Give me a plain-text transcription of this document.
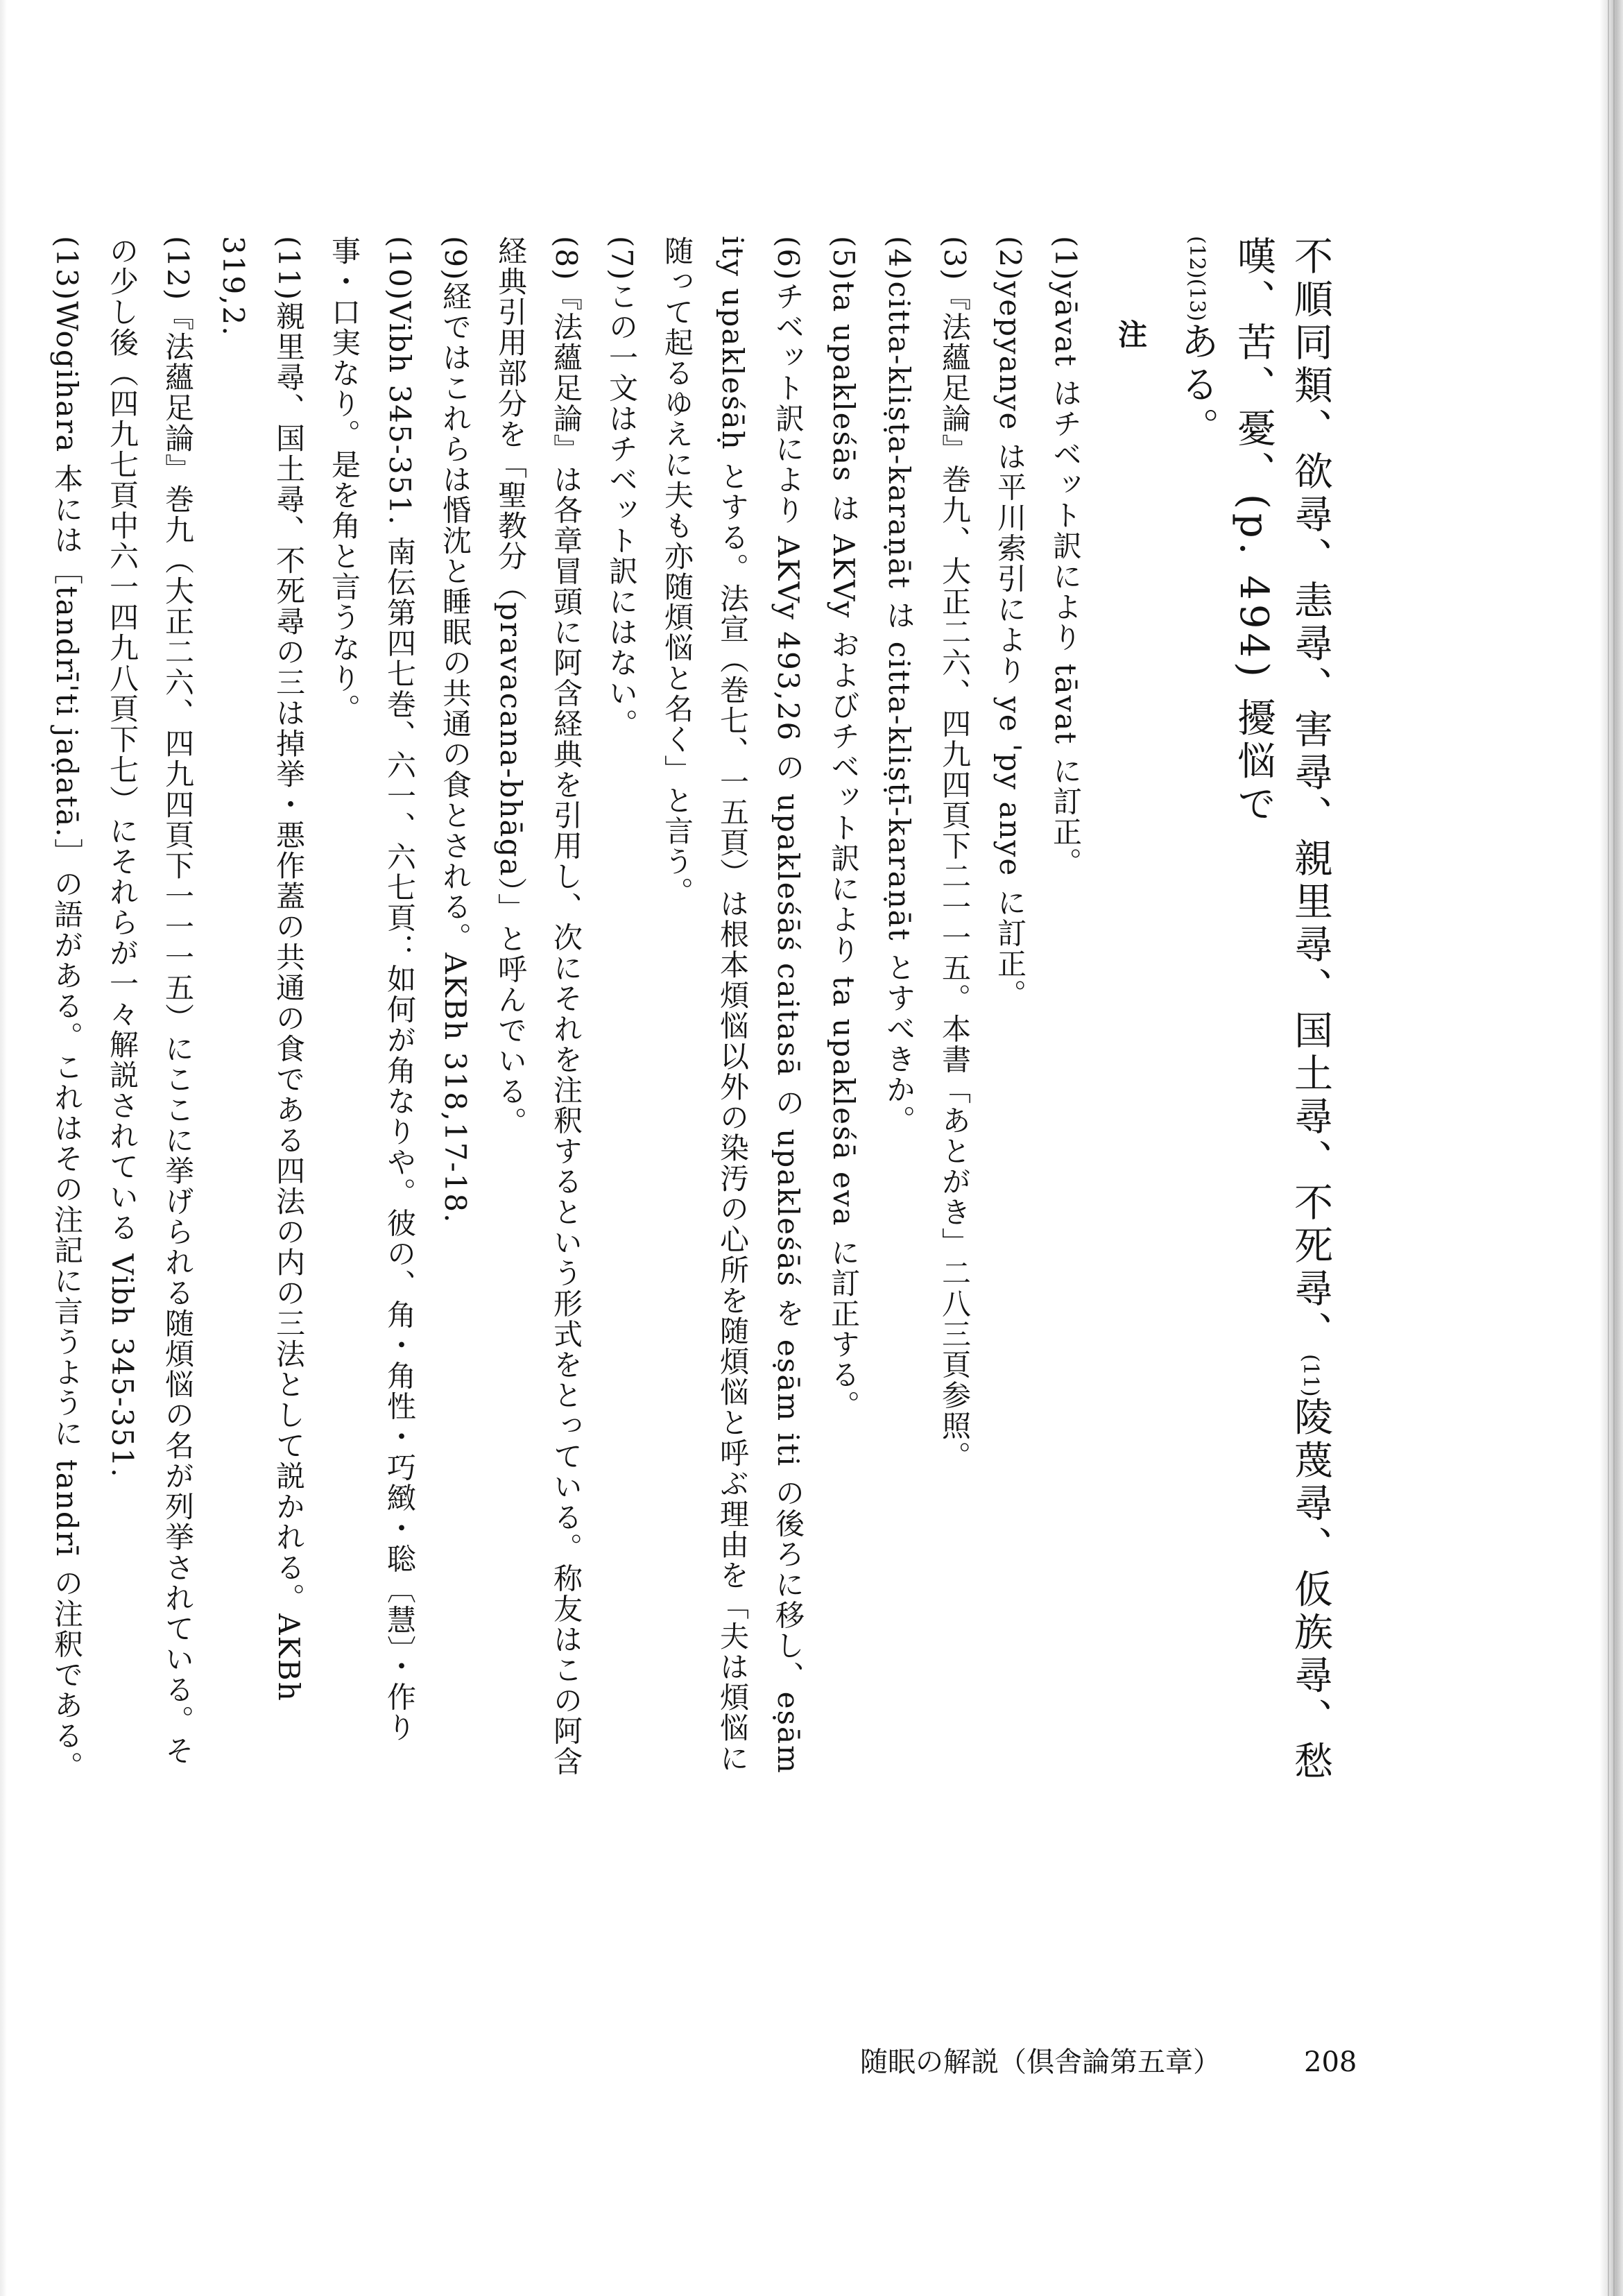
不順同類、欲尋、恚尋、害尋、親里尋、国土尋、不死尋、(11)陵蔑尋、仮族尋、愁嘆、苦、憂、(p. 494) 擾悩で

(12)(13)ある。

注

(1)yāvat はチベット訳により tāvat に訂正。

(2)yepyanye は平川索引により ye 'py anye に訂正。

(3)『法蘊足論』巻九、大正二六、四九四頁下二一一五。本書「あとがき」二八三頁参照。

(4)citta-kliṣṭa-karaṇāt は citta-kliṣṭī-karaṇāt とすべきか。

(5)ta upakleśās は AKVy およびチベット訳により ta upakleśā eva に訂正する。

(6)チベット訳により AKVy 493,26 の upakleśāś caitasā の upakleśāś を eṣām iti の後ろに移し、eṣām ity upakleśāḥ とする。法宣（巻七、一五頁）は根本煩悩以外の染汚の心所を随煩悩と呼ぶ理由を「夫は煩悩に随って起るゆえに夫も亦随煩悩と名く」と言う。

(7)この一文はチベット訳にはない。

(8)『法蘊足論』は各章冒頭に阿含経典を引用し、次にそれを注釈するという形式をとっている。称友はこの阿含経典引用部分を「聖教分（pravacana-bhāga）」と呼んでいる。

(9)経ではこれらは惛沈と睡眠の共通の食とされる。AKBh 318,17-18.

(10)Vibh 345-351. 南伝第四七巻、六一、六七頁：如何が角なりや。彼の、角・角性・巧緻・聡〔慧〕・作り事・口実なり。是を角と言うなり。

(11)親里尋、国土尋、不死尋の三は掉挙・悪作蓋の共通の食である四法の内の三法として説かれる。AKBh 319,2.

(12)『法蘊足論』巻九（大正二六、四九四頁下一一一五）にここに挙げられる随煩悩の名が列挙されている。その少し後（四九七頁中六一四九八頁下七）にそれらが一々解説されている Vibh 345-351.

(13)Wogihara 本には［tandrī'ti jaḍatā.］の語がある。これはその注記に言うように tandrī の注釈である。

随眠の解説（倶舎論第五章）	208
